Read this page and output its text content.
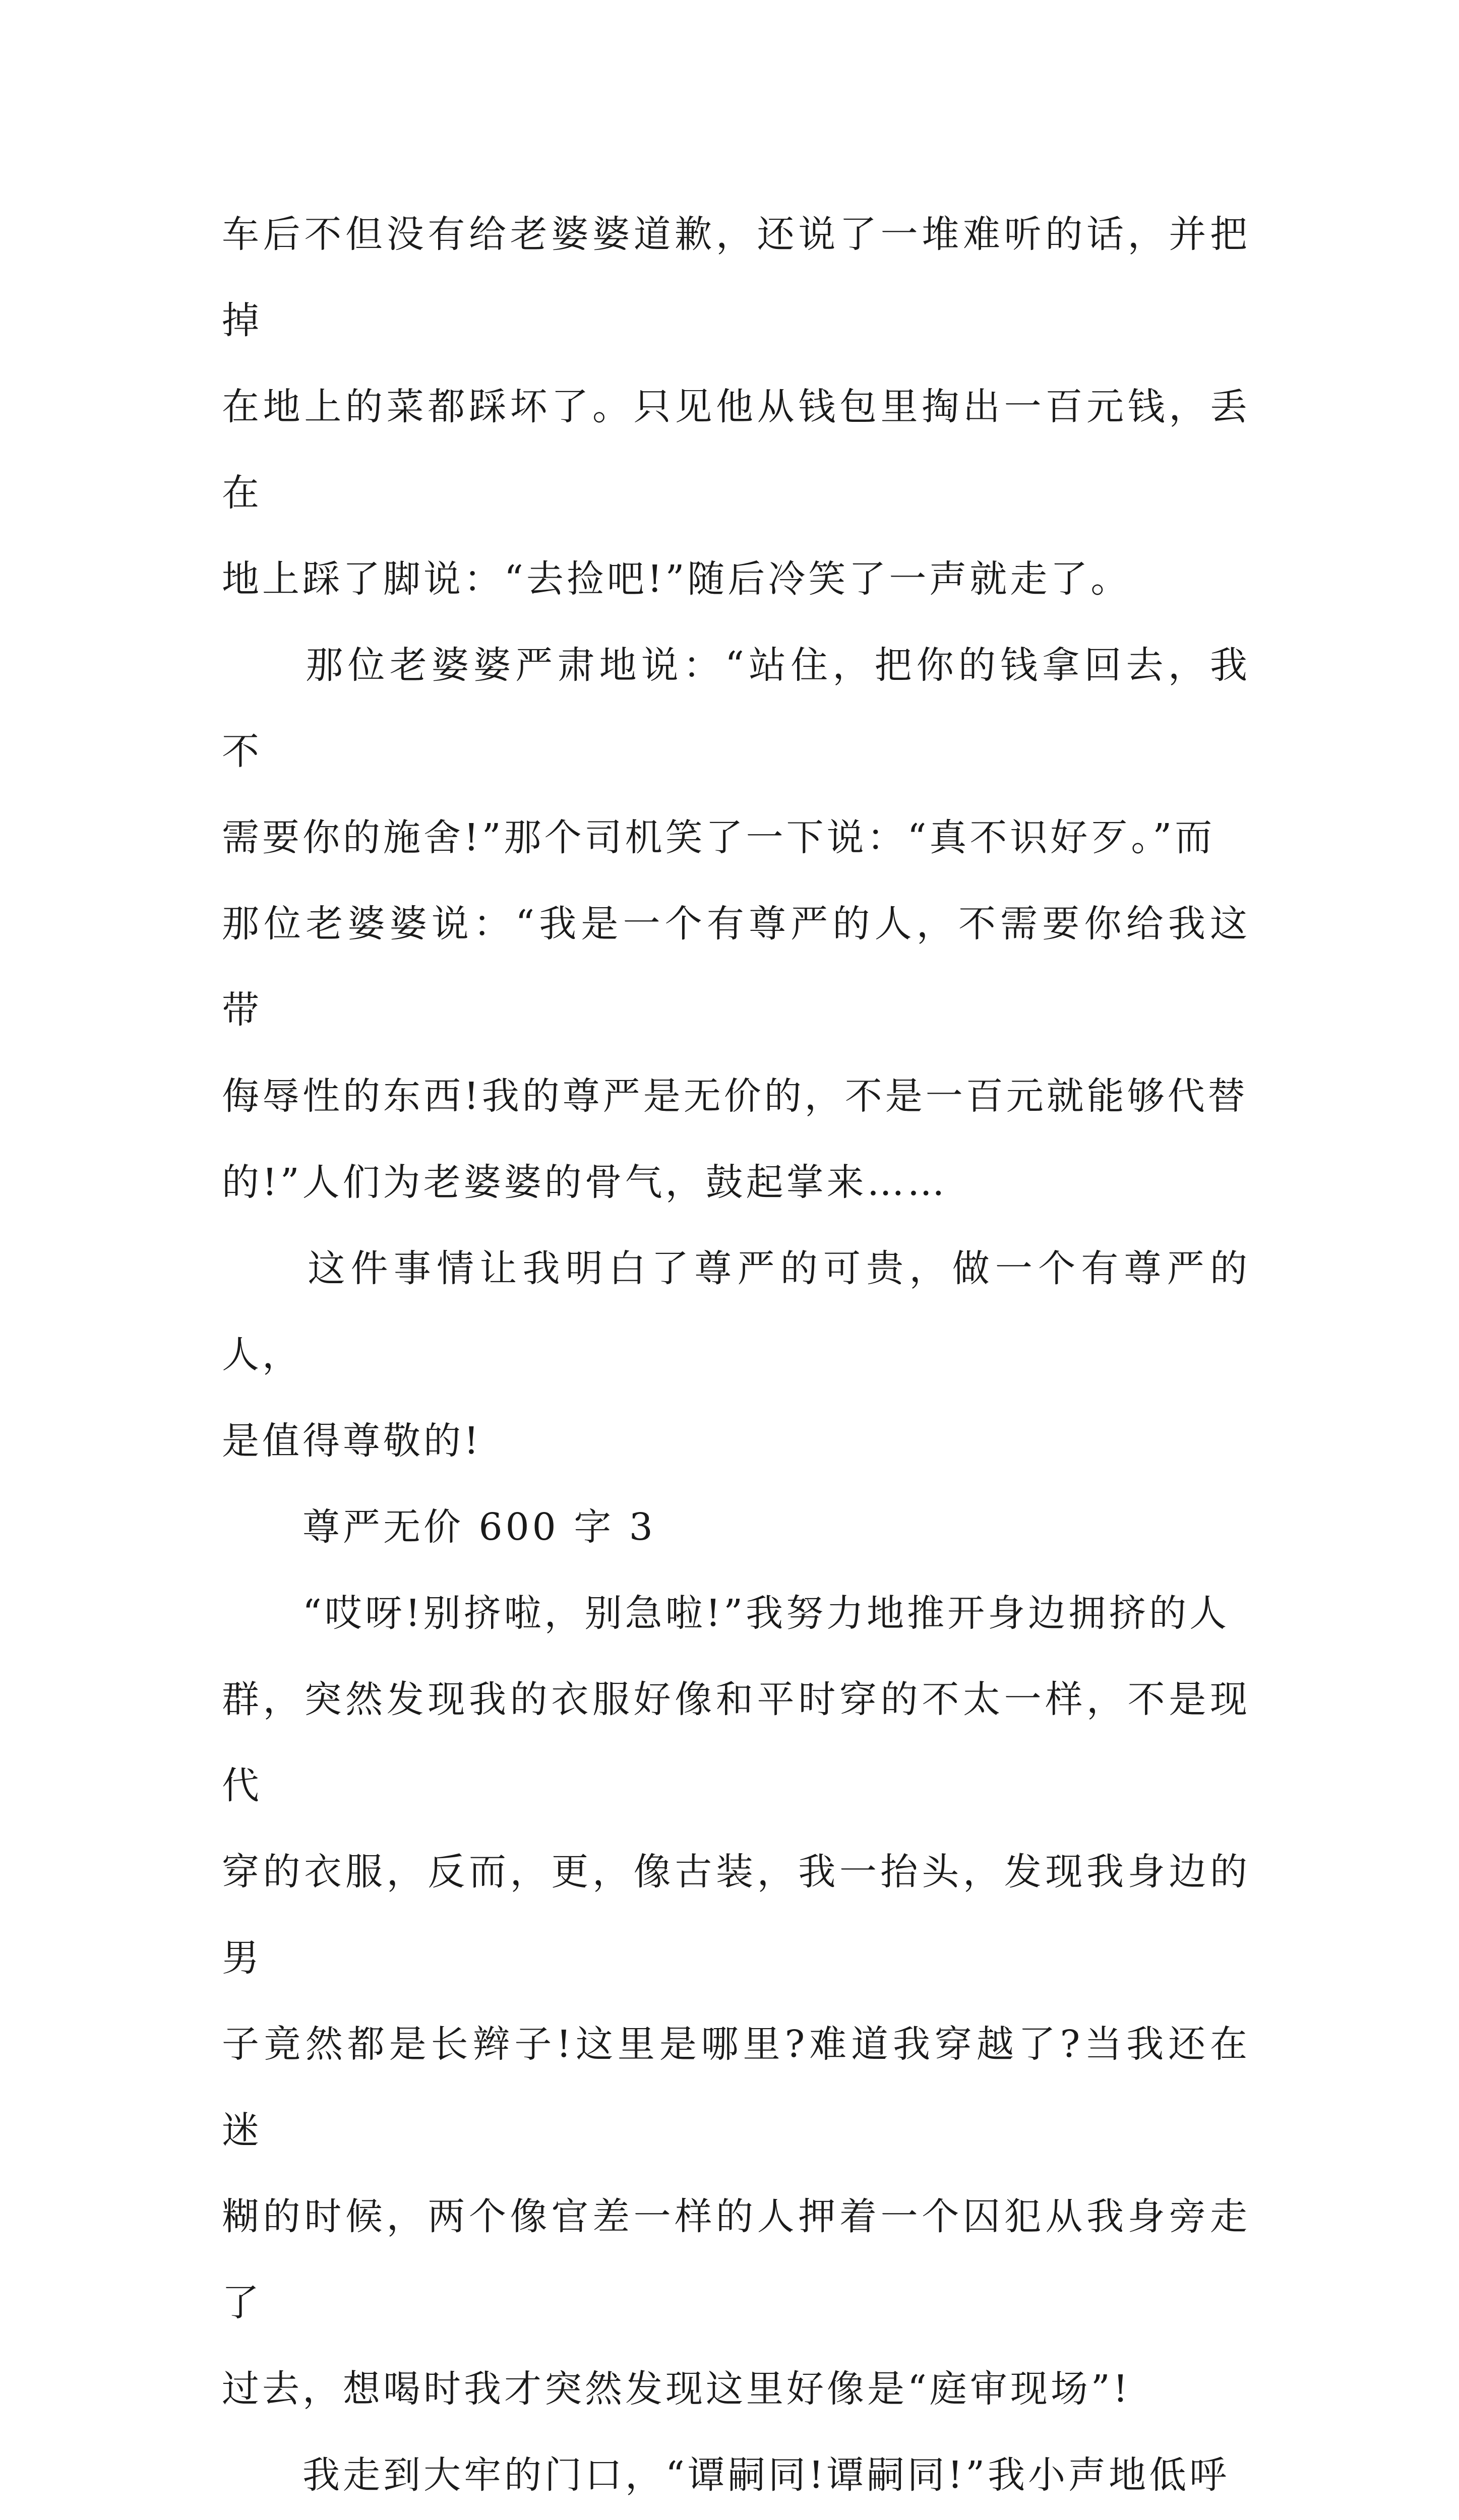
车后不但没有给老婆婆道歉，还说了一堆难听的话，并把掉

在地上的菜都踩坏了。只见他从钱包里掏出一百元钱，丢在

地上踩了脚说：“去捡吧!”随后冷笑了一声就走了。

　　那位老婆婆严肃地说：“站住，把你的钱拿回去，我不

需要你的施舍!”那个司机笑了一下说：“真不识好歹。”而

那位老婆婆说：“我是一个有尊严的人，不需要你给我这带

侮辱性的东西!我的尊严是无价的，不是一百元就能够代替

的!”人们为老婆婆的骨气，鼓起掌来……

　　这件事情让我明白了尊严的可贵，做一个有尊严的人，

是值得尊敬的!

　　尊严无价 600 字 3

　　“哎呀!别挤啦，别急啦!”我努力地推开身边拥挤的人

群，突然发现我的衣服好像和平时穿的不太一样，不是现代

穿的衣服，反而，更，像古装，我一抬头，发现我身边的男

子竟然都是长辫子!这里是哪里?难道我穿越了?当我还在迷

糊的时候，两个像官差一样的人押着一个囚犯从我身旁走了

过去，想喝时我才突然发现这里好像是“庭审现场”!

　　我走到大牢的门口，“谭嗣同!谭嗣同!”我小声地低呼
